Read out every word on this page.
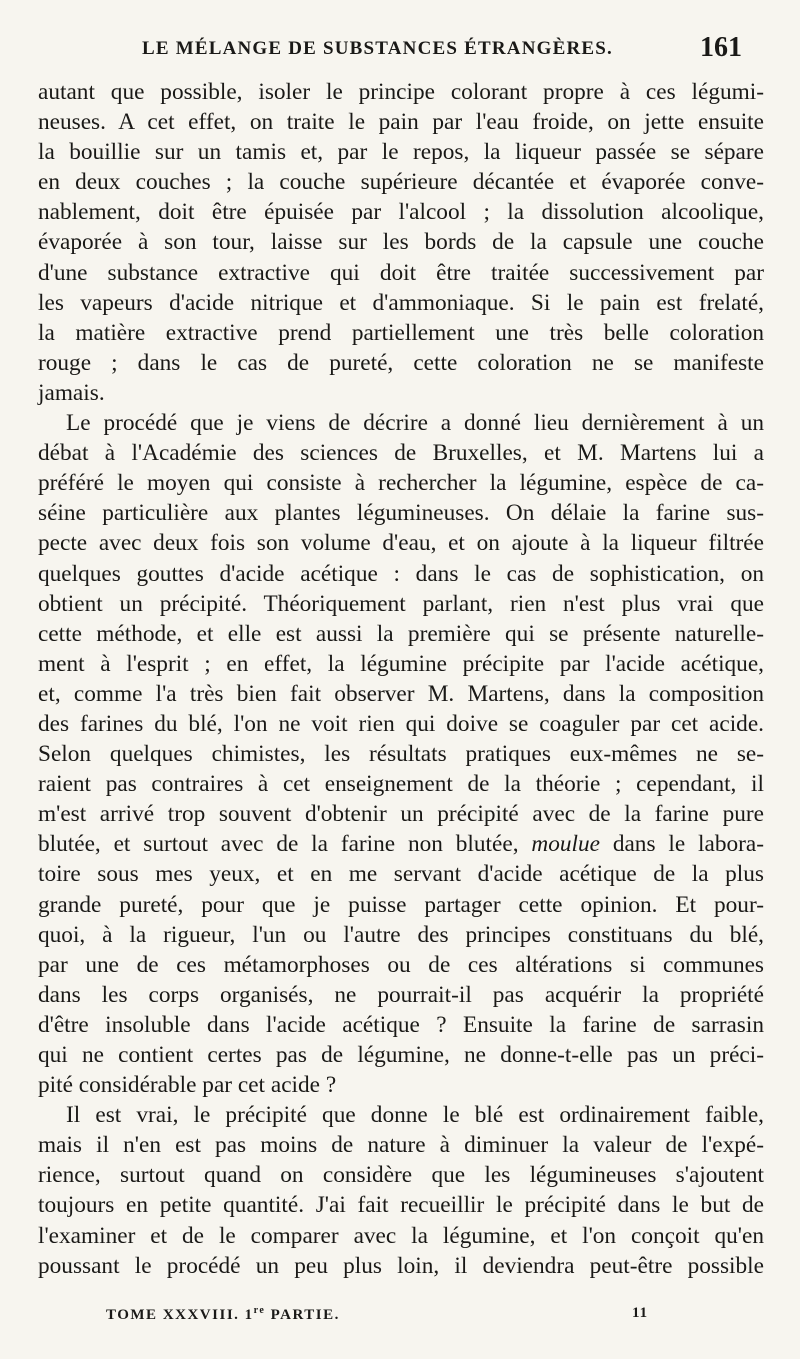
LE MÉLANGE DE SUBSTANCES ÉTRANGÈRES.	161
autant que possible, isoler le principe colorant propre à ces légumi-
neuses. A cet effet, on traite le pain par l'eau froide, on jette ensuite
la bouillie sur un tamis et, par le repos, la liqueur passée se sépare
en deux couches ; la couche supérieure décantée et évaporée conve-
nablement, doit être épuisée par l'alcool ; la dissolution alcoolique,
évaporée à son tour, laisse sur les bords de la capsule une couche
d'une substance extractive qui doit être traitée successivement par
les vapeurs d'acide nitrique et d'ammoniaque. Si le pain est frelaté,
la matière extractive prend partiellement une très belle coloration
rouge ; dans le cas de pureté, cette coloration ne se manifeste
jamais.
Le procédé que je viens de décrire a donné lieu dernièrement à un
débat à l'Académie des sciences de Bruxelles, et M. Martens lui a
préféré le moyen qui consiste à rechercher la légumine, espèce de ca-
séine particulière aux plantes légumineuses. On délaie la farine sus-
pecte avec deux fois son volume d'eau, et on ajoute à la liqueur filtrée
quelques gouttes d'acide acétique : dans le cas de sophistication, on
obtient un précipité. Théoriquement parlant, rien n'est plus vrai que
cette méthode, et elle est aussi la première qui se présente naturelle-
ment à l'esprit ; en effet, la légumine précipite par l'acide acétique,
et, comme l'a très bien fait observer M. Martens, dans la composition
des farines du blé, l'on ne voit rien qui doive se coaguler par cet acide.
Selon quelques chimistes, les résultats pratiques eux-mêmes ne se-
raient pas contraires à cet enseignement de la théorie ; cependant, il
m'est arrivé trop souvent d'obtenir un précipité avec de la farine pure
blutée, et surtout avec de la farine non blutée, moulue dans le labora-
toire sous mes yeux, et en me servant d'acide acétique de la plus
grande pureté, pour que je puisse partager cette opinion. Et pour-
quoi, à la rigueur, l'un ou l'autre des principes constituans du blé,
par une de ces métamorphoses ou de ces altérations si communes
dans les corps organisés, ne pourrait-il pas acquérir la propriété
d'être insoluble dans l'acide acétique ? Ensuite la farine de sarrasin
qui ne contient certes pas de légumine, ne donne-t-elle pas un préci-
pité considérable par cet acide ?
Il est vrai, le précipité que donne le blé est ordinairement faible,
mais il n'en est pas moins de nature à diminuer la valeur de l'expé-
rience, surtout quand on considère que les légumineuses s'ajoutent
toujours en petite quantité. J'ai fait recueillir le précipité dans le but de
l'examiner et de le comparer avec la légumine, et l'on conçoit qu'en
poussant le procédé un peu plus loin, il deviendra peut-être possible
TOME XXXVIII. 1re PARTIE.	11
